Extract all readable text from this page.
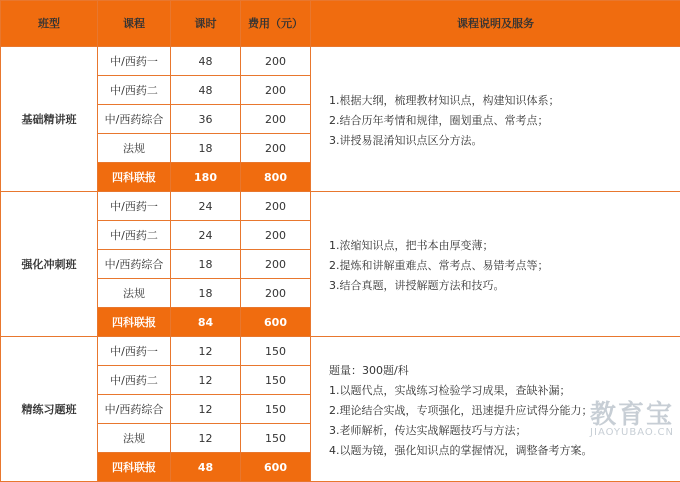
班型	课程	课时	费用（元）	课程说明及服务
基础精讲班	中/西药一	48	200	1.根据大纲，梳理教材知识点，构建知识体系；
2.结合历年考情和规律，圈划重点、常考点；
3.讲授易混淆知识点区分方法。

	中/西药二	48	200	
	中/西药综合	36	200	
	法规	18	200	
	四科联报	180	800	
强化冲刺班	中/西药一	24	200	1.浓缩知识点，把书本由厚变薄；
2.提炼和讲解重难点、常考点、易错考点等；
3.结合真题，讲授解题方法和技巧。

	中/西药二	24	200	
	中/西药综合	18	200	
	法规	18	200	
	四科联报	84	600	
精练习题班	中/西药一	12	150	题量：300题/科
1.以题代点，实战练习检验学习成果，查缺补漏；
2.理论结合实战，专项强化，迅速提升应试得分能力；
3.老师解析，传达实战解题技巧与方法；
4.以题为镜，强化知识点的掌握情况，调整备考方案。

	中/西药二	12	150	
	中/西药综合	12	150	
	法规	12	150	
	四科联报	48	600	
教育宝
JIAOYUBAO.CN
